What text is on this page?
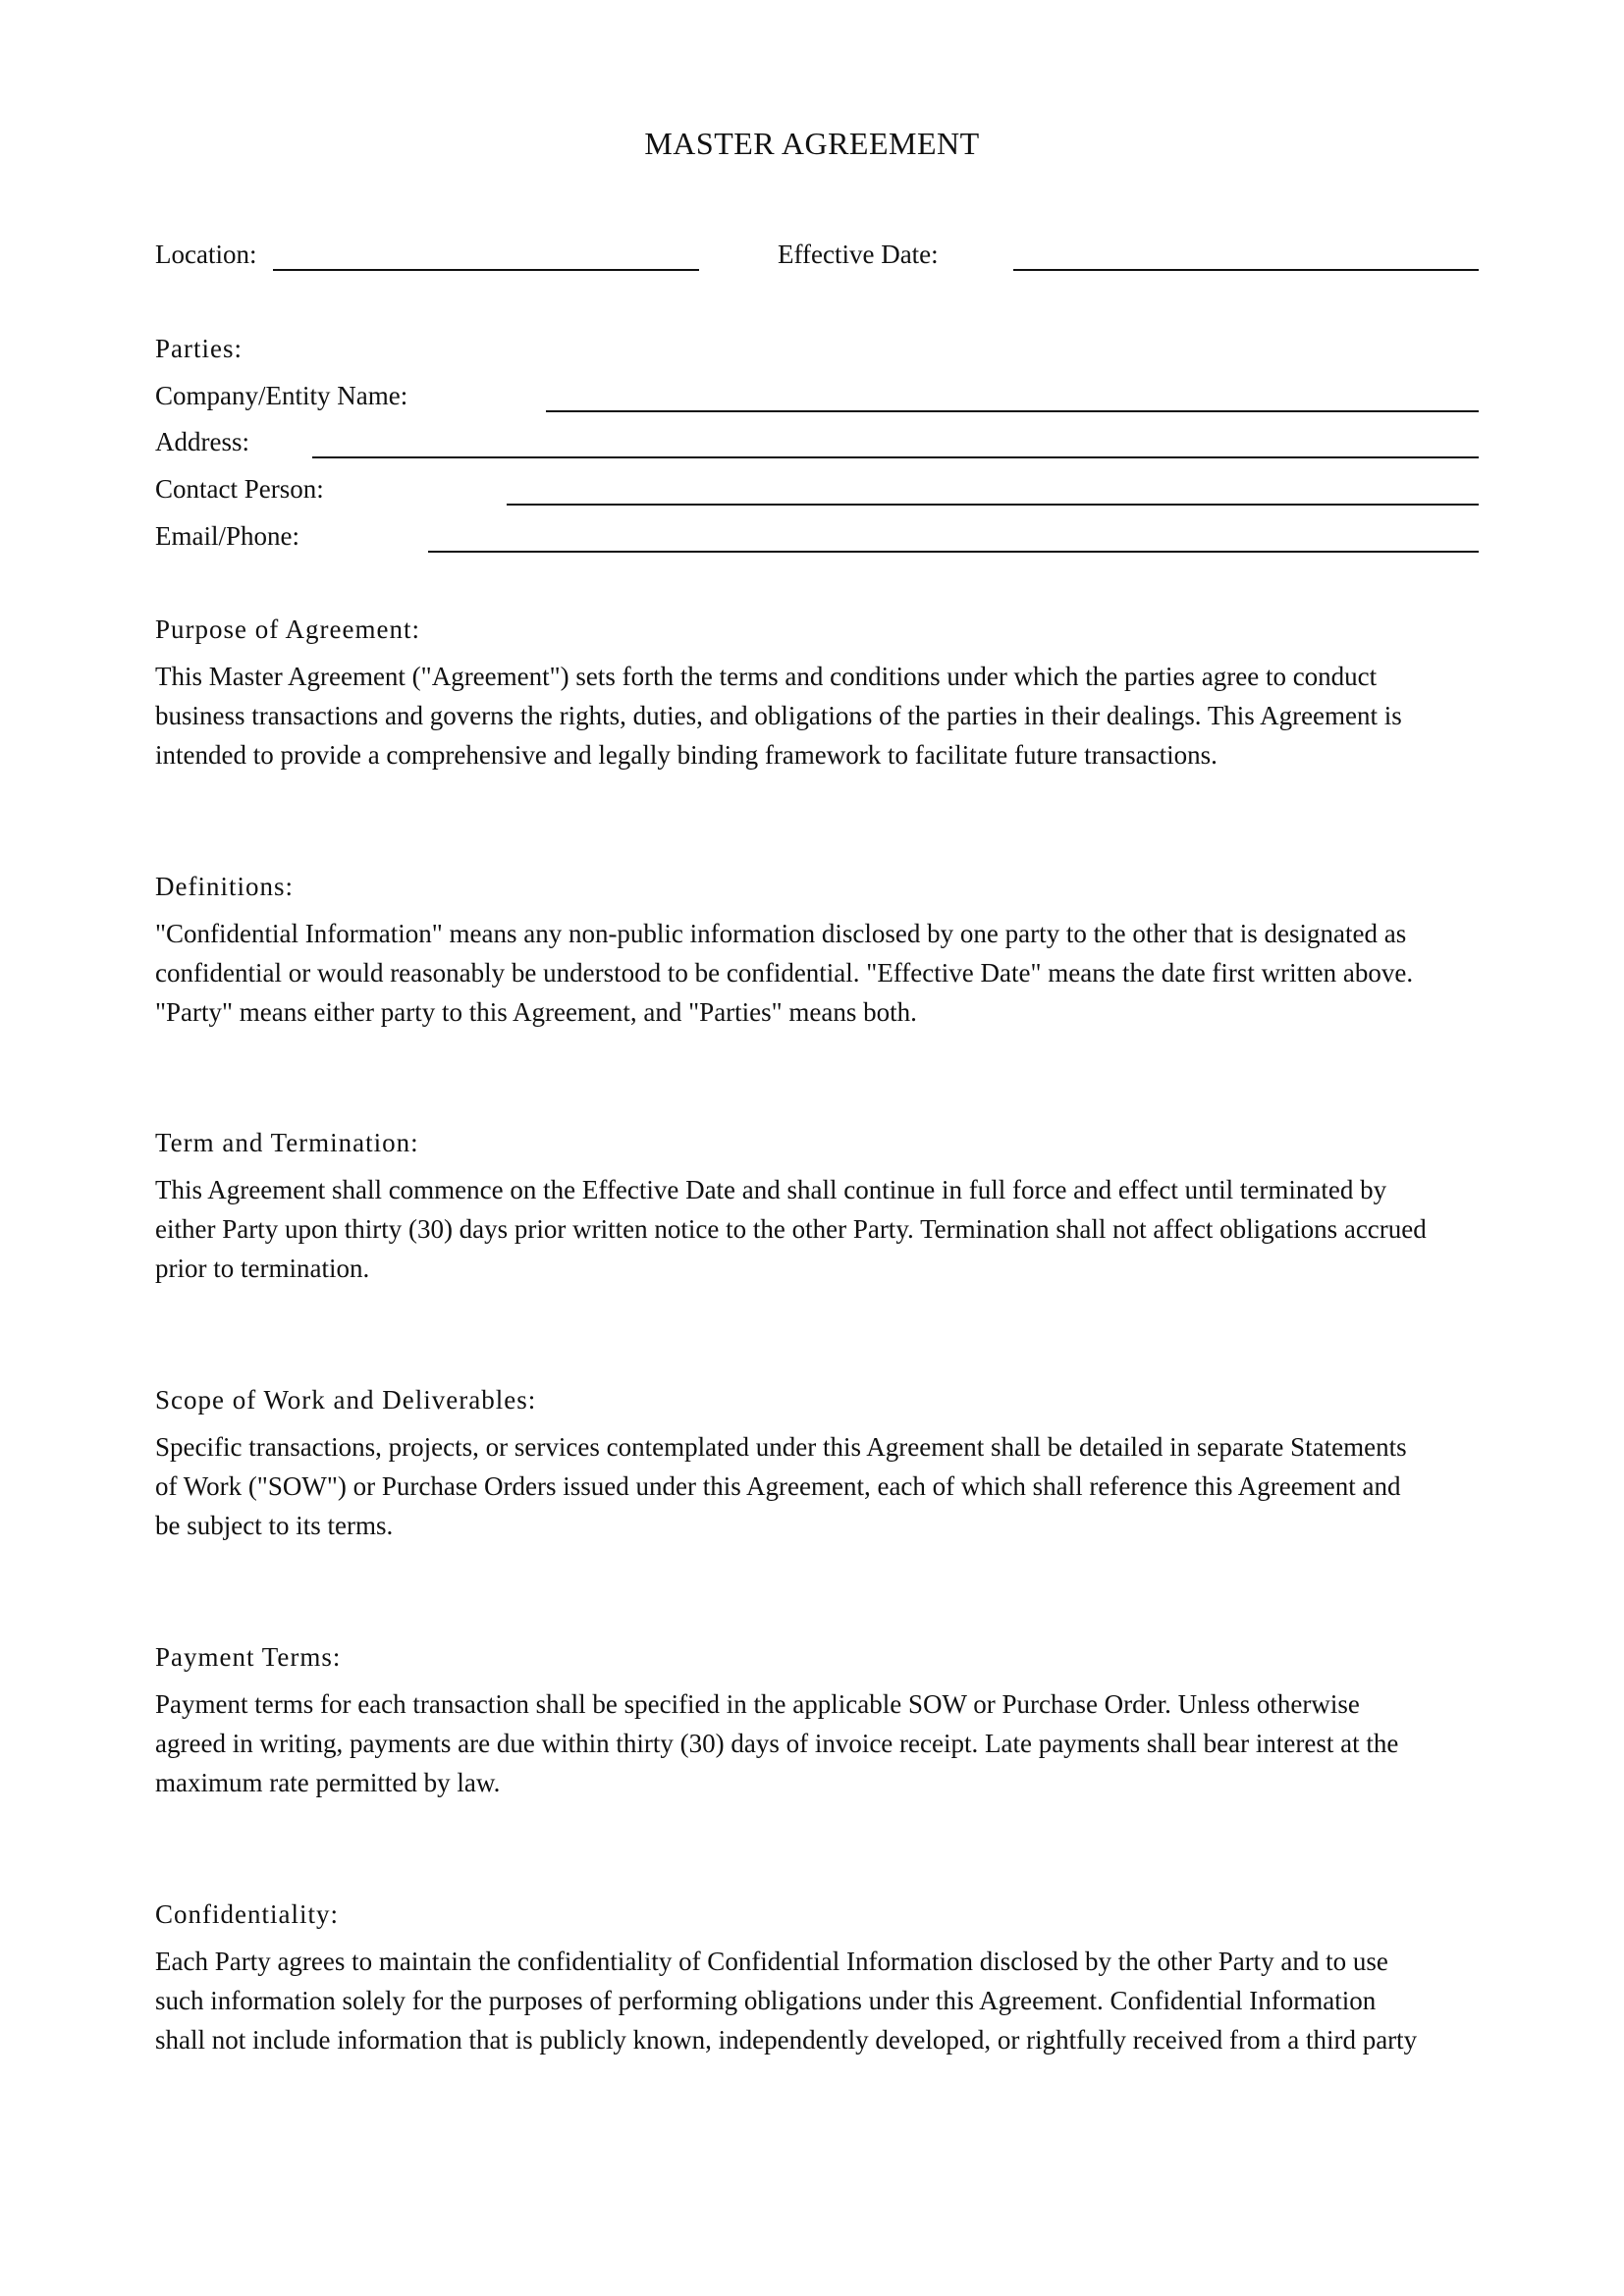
MASTER AGREEMENT
Location:	Effective Date:
Parties:
Company/Entity Name:
Address:
Contact Person:
Email/Phone:
Purpose of Agreement:
This Master Agreement ("Agreement") sets forth the terms and conditions under which the parties agree to conduct
business transactions and governs the rights, duties, and obligations of the parties in their dealings. This Agreement is
intended to provide a comprehensive and legally binding framework to facilitate future transactions.
Definitions:
"Confidential Information" means any non-public information disclosed by one party to the other that is designated as
confidential or would reasonably be understood to be confidential. "Effective Date" means the date first written above.
"Party" means either party to this Agreement, and "Parties" means both.
Term and Termination:
This Agreement shall commence on the Effective Date and shall continue in full force and effect until terminated by
either Party upon thirty (30) days prior written notice to the other Party. Termination shall not affect obligations accrued
prior to termination.
Scope of Work and Deliverables:
Specific transactions, projects, or services contemplated under this Agreement shall be detailed in separate Statements
of Work ("SOW") or Purchase Orders issued under this Agreement, each of which shall reference this Agreement and
be subject to its terms.
Payment Terms:
Payment terms for each transaction shall be specified in the applicable SOW or Purchase Order. Unless otherwise
agreed in writing, payments are due within thirty (30) days of invoice receipt. Late payments shall bear interest at the
maximum rate permitted by law.
Confidentiality:
Each Party agrees to maintain the confidentiality of Confidential Information disclosed by the other Party and to use
such information solely for the purposes of performing obligations under this Agreement. Confidential Information
shall not include information that is publicly known, independently developed, or rightfully received from a third party
